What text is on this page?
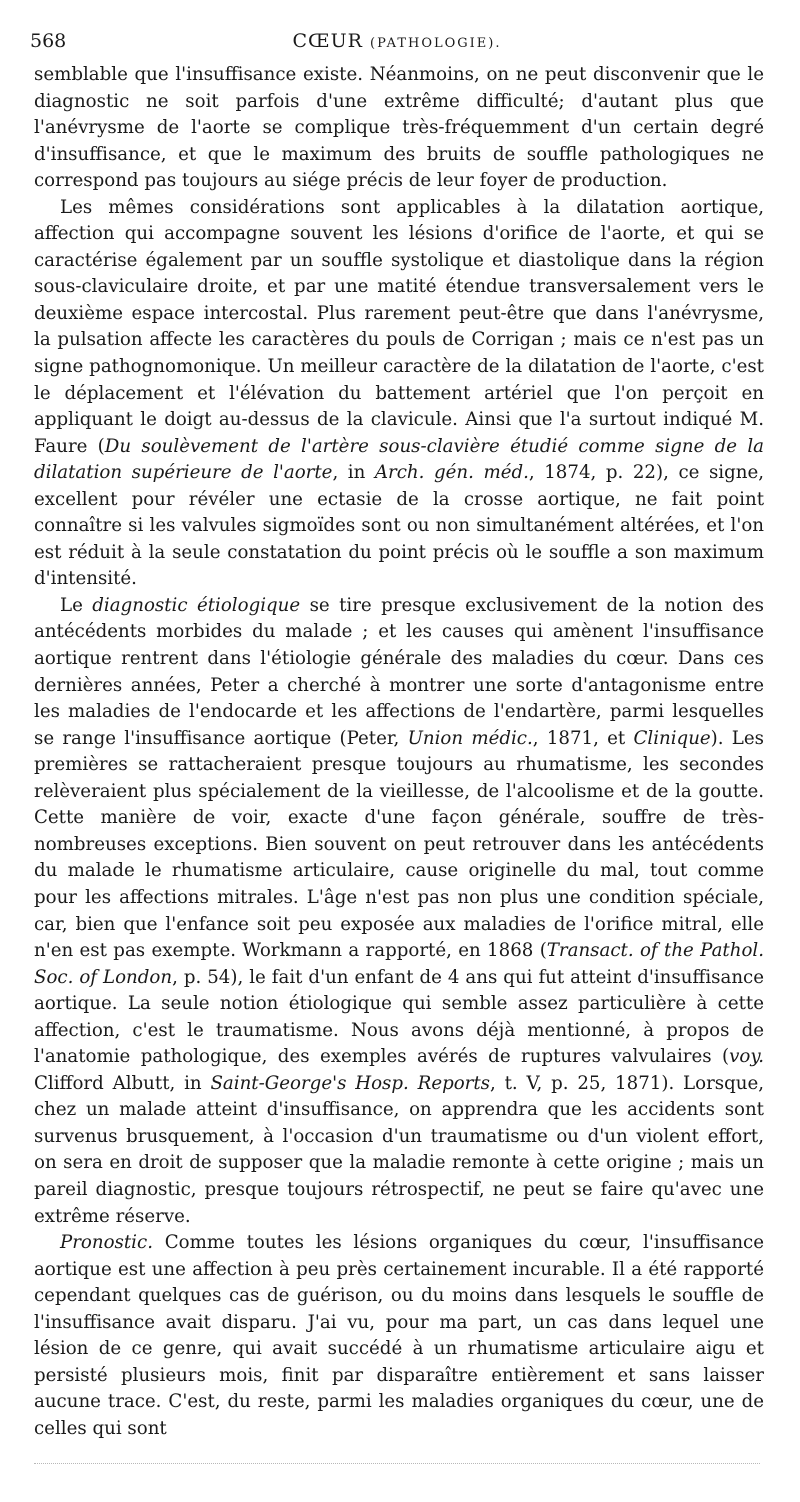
568	CŒUR (PATHOLOGIE).

semblable que l'insuffisance existe. Néanmoins, on ne peut disconvenir que le diagnostic ne soit parfois d'une extrême difficulté; d'autant plus que l'anévrysme de l'aorte se complique très-fréquemment d'un certain degré d'insuffisance, et que le maximum des bruits de souffle pathologiques ne correspond pas toujours au siége précis de leur foyer de production.

Les mêmes considérations sont applicables à la dilatation aortique, affection qui accompagne souvent les lésions d'orifice de l'aorte, et qui se caractérise également par un souffle systolique et diastolique dans la région sous-claviculaire droite, et par une matité étendue transversalement vers le deuxième espace intercostal. Plus rarement peut-être que dans l'anévrysme, la pulsation affecte les caractères du pouls de Corrigan ; mais ce n'est pas un signe pathognomonique. Un meilleur caractère de la dilatation de l'aorte, c'est le déplacement et l'élévation du battement artériel que l'on perçoit en appliquant le doigt au-dessus de la clavicule. Ainsi que l'a surtout indiqué M. Faure (Du soulèvement de l'artère sous-clavière étudié comme signe de la dilatation supérieure de l'aorte, in Arch. gén. méd., 1874, p. 22), ce signe, excellent pour révéler une ectasie de la crosse aortique, ne fait point connaître si les valvules sigmoïdes sont ou non simultanément altérées, et l'on est réduit à la seule constatation du point précis où le souffle a son maximum d'intensité.

Le diagnostic étiologique se tire presque exclusivement de la notion des antécédents morbides du malade ; et les causes qui amènent l'insuffisance aortique rentrent dans l'étiologie générale des maladies du cœur. Dans ces dernières années, Peter a cherché à montrer une sorte d'antagonisme entre les maladies de l'endocarde et les affections de l'endartère, parmi lesquelles se range l'insuffisance aortique (Peter, Union médic., 1871, et Clinique). Les premières se rattacheraient presque toujours au rhumatisme, les secondes relèveraient plus spécialement de la vieillesse, de l'alcoolisme et de la goutte. Cette manière de voir, exacte d'une façon générale, souffre de très-nombreuses exceptions. Bien souvent on peut retrouver dans les antécédents du malade le rhumatisme articulaire, cause originelle du mal, tout comme pour les affections mitrales. L'âge n'est pas non plus une condition spéciale, car, bien que l'enfance soit peu exposée aux maladies de l'orifice mitral, elle n'en est pas exempte. Workmann a rapporté, en 1868 (Transact. of the Pathol. Soc. of London, p. 54), le fait d'un enfant de 4 ans qui fut atteint d'insuffisance aortique. La seule notion étiologique qui semble assez particulière à cette affection, c'est le traumatisme. Nous avons déjà mentionné, à propos de l'anatomie pathologique, des exemples avérés de ruptures valvulaires (voy. Clifford Albutt, in Saint-George's Hosp. Reports, t. V, p. 25, 1871). Lorsque, chez un malade atteint d'insuffisance, on apprendra que les accidents sont survenus brusquement, à l'occasion d'un traumatisme ou d'un violent effort, on sera en droit de supposer que la maladie remonte à cette origine ; mais un pareil diagnostic, presque toujours rétrospectif, ne peut se faire qu'avec une extrême réserve.

Pronostic. Comme toutes les lésions organiques du cœur, l'insuffisance aortique est une affection à peu près certainement incurable. Il a été rapporté cependant quelques cas de guérison, ou du moins dans lesquels le souffle de l'insuffisance avait disparu. J'ai vu, pour ma part, un cas dans lequel une lésion de ce genre, qui avait succédé à un rhumatisme articulaire aigu et persisté plusieurs mois, finit par disparaître entièrement et sans laisser aucune trace. C'est, du reste, parmi les maladies organiques du cœur, une de celles qui sont
